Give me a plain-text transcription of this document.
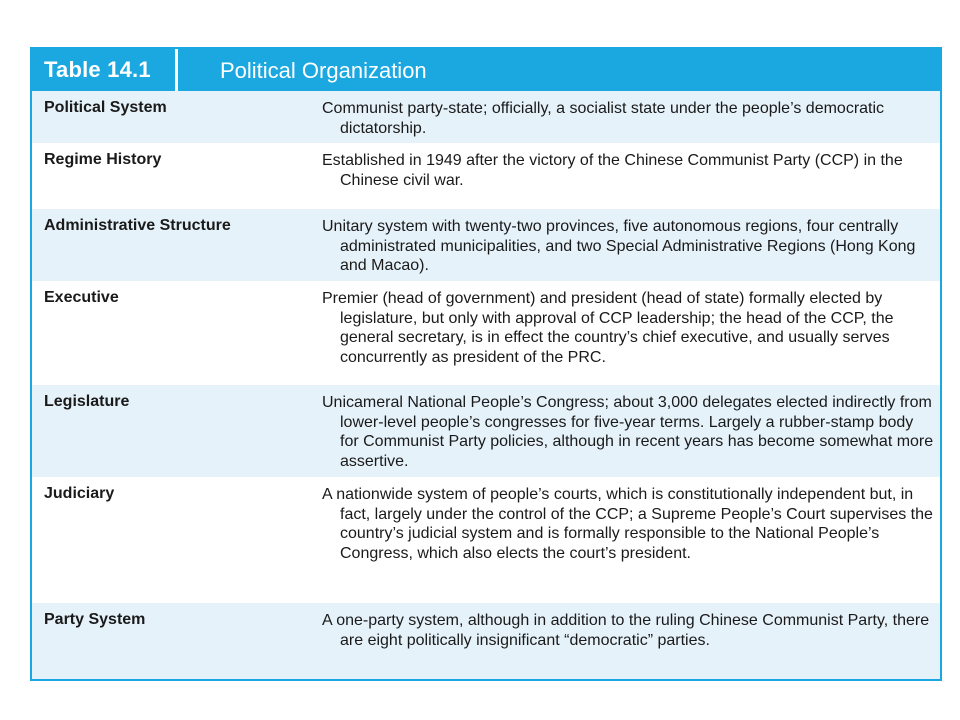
Table 14.1	Political Organization
Political System	Communist party-state; officially, a socialist state under the people’s democratic dictatorship.
Regime History	Established in 1949 after the victory of the Chinese Communist Party (CCP) in the Chinese civil war.
Administrative Structure	Unitary system with twenty-two provinces, five autonomous regions, four centrally administrated municipalities, and two Special Administrative Regions (Hong Kong and Macao).
Executive	Premier (head of government) and president (head of state) formally elected by legislature, but only with approval of CCP leadership; the head of the CCP, the general secretary, is in effect the country’s chief executive, and usually serves concurrently as president of the PRC.
Legislature	Unicameral National People’s Congress; about 3,000 delegates elected indirectly from lower-level people’s congresses for five-year terms. Largely a rubber-stamp body for Communist Party policies, although in recent years has become somewhat more assertive.
Judiciary	A nationwide system of people’s courts, which is constitutionally independent but, in fact, largely under the control of the CCP; a Supreme People’s Court supervises the country’s judicial system and is formally responsible to the National People’s Congress, which also elects the court’s president.
Party System	A one-party system, although in addition to the ruling Chinese Communist Party, there are eight politically insignificant “democratic” parties.
